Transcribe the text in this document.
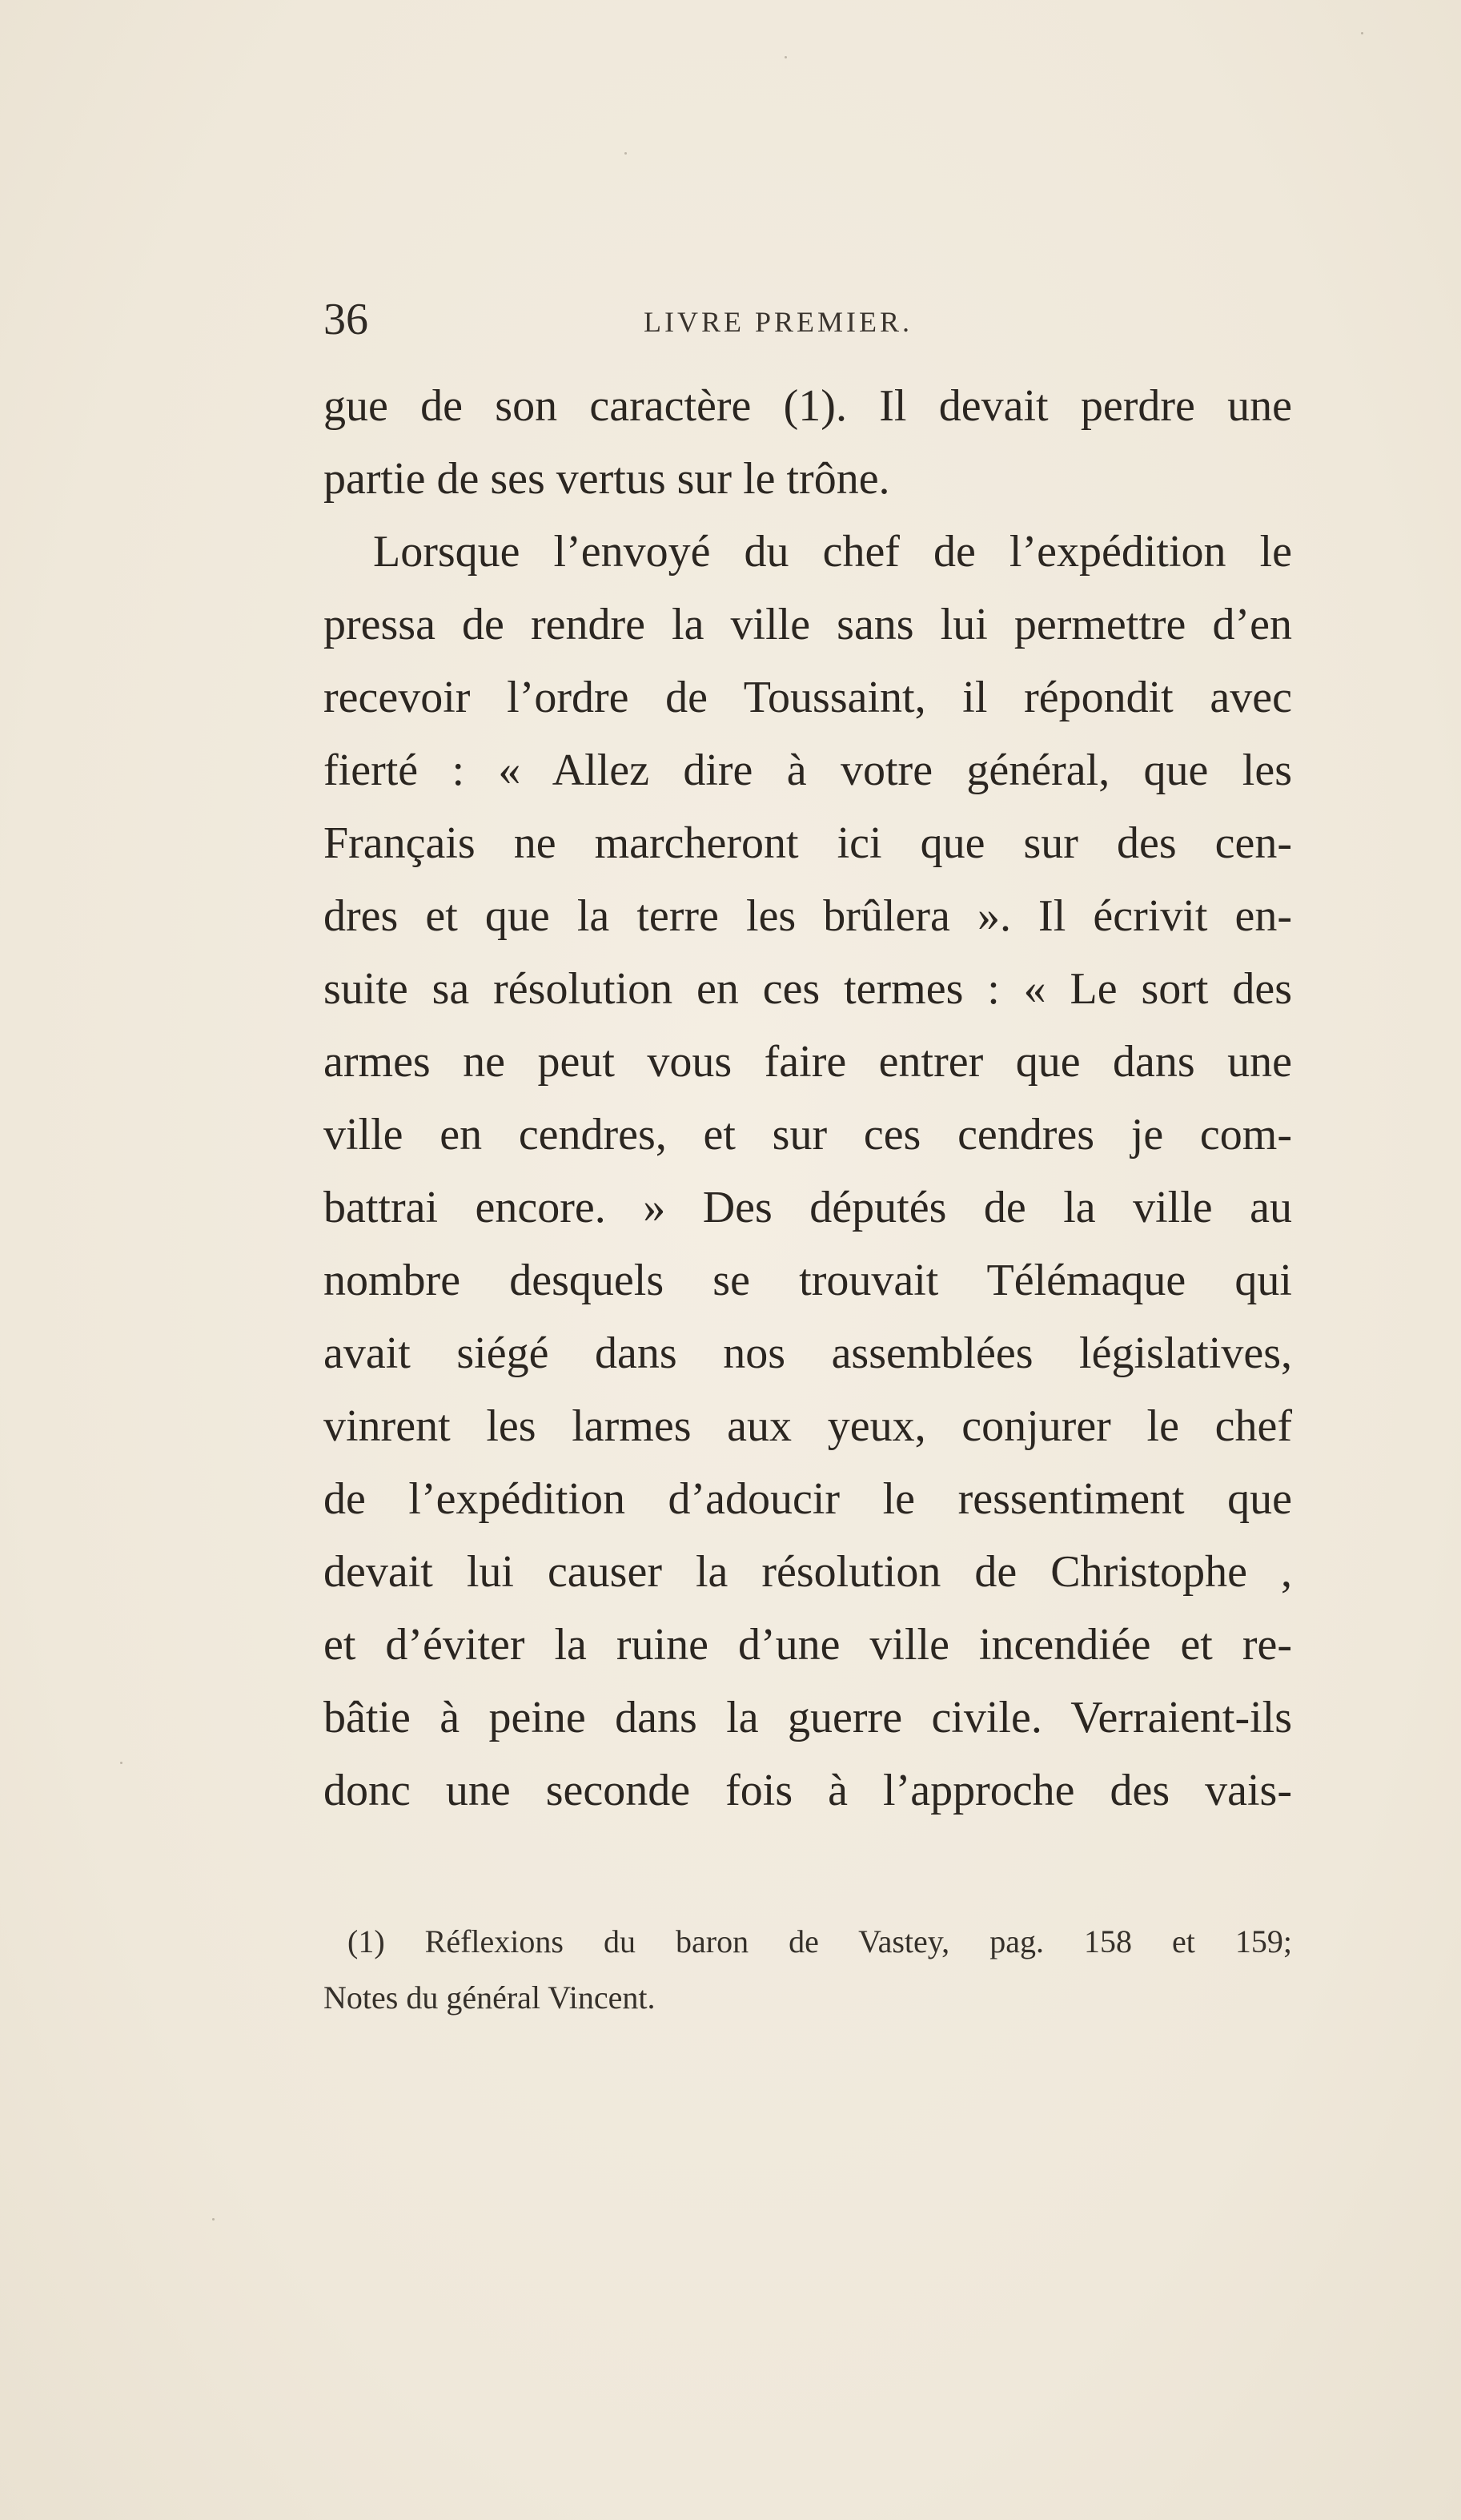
36	LIVRE PREMIER.
gue de son caractère (1). Il devait perdre une
partie de ses vertus sur le trône.
Lorsque l’envoyé du chef de l’expédition le
pressa de rendre la ville sans lui permettre d’en
recevoir l’ordre de Toussaint, il répondit avec
fierté : « Allez dire à votre général, que les
Français ne marcheront ici que sur des cen-
dres et que la terre les brûlera ». Il écrivit en-
suite sa résolution en ces termes : « Le sort des
armes ne peut vous faire entrer que dans une
ville en cendres, et sur ces cendres je com-
battrai encore. » Des députés de la ville au
nombre desquels se trouvait Télémaque qui
avait siégé dans nos assemblées législatives,
vinrent les larmes aux yeux, conjurer le chef
de l’expédition d’adoucir le ressentiment que
devait lui causer la résolution de Christophe ,
et d’éviter la ruine d’une ville incendiée et re-
bâtie à peine dans la guerre civile. Verraient-ils
donc une seconde fois à l’approche des vais-
(1) Réflexions du baron de Vastey, pag. 158 et 159;
Notes du général Vincent.
